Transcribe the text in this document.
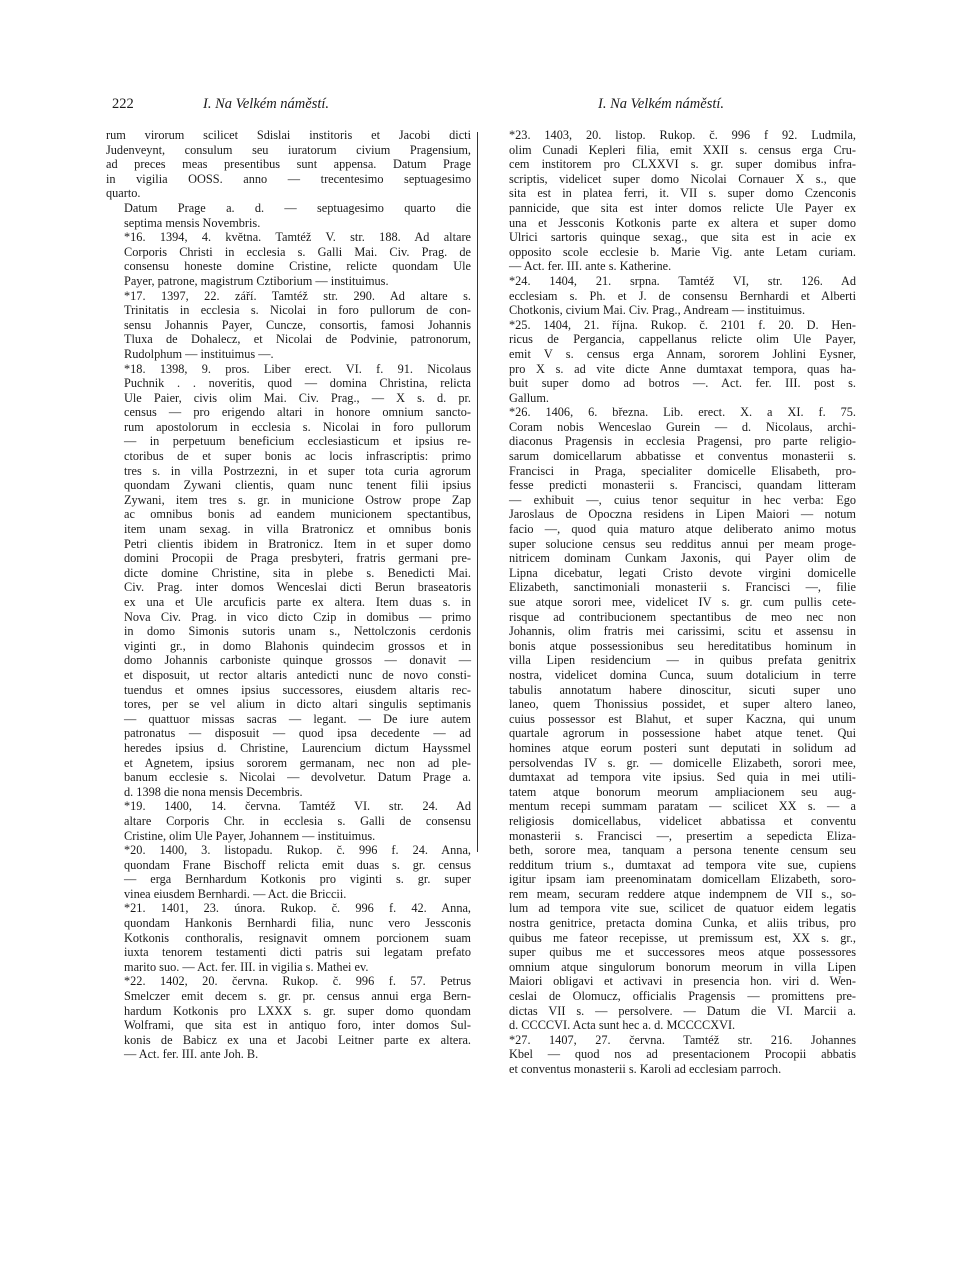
222	I. Na Velkém náměstí.	I. Na Velkém náměstí.

rum virorum scilicet Sdislai institoris et Jacobi dicti
Judenveynt, consulum seu iuratorum civium Pragensium,
ad preces meas presentibus sunt appensa. Datum Prage
in vigilia OOSS. anno — trecentesimo septuagesimo
quarto.

Datum Prage a. d. — septuagesimo quarto die
septima mensis Novembris.

*16. 1394, 4. května. Tamtéž V. str. 188. Ad altare
Corporis Christi in ecclesia s. Galli Mai. Civ. Prag. de
consensu honeste domine Cristine, relicte quondam Ule
Payer, patrone, magistrum Cztiborium — instituimus.

*17. 1397, 22. září. Tamtéž str. 290. Ad altare s.
Trinitatis in ecclesia s. Nicolai in foro pullorum de con-
sensu Johannis Payer, Cuncze, consortis, famosi Johannis
Tluxa de Dohalecz, et Nicolai de Podvinie, patronorum,
Rudolphum — instituimus —.

*18. 1398, 9. pros. Liber erect. VI. f. 91. Nicolaus
Puchnik . . noveritis, quod — domina Christina, relicta
Ule Paier, civis olim Mai. Civ. Prag., — X s. d. pr.
census — pro erigendo altari in honore omnium sancto-
rum apostolorum in ecclesia s. Nicolai in foro pullorum
— in perpetuum beneficium ecclesiasticum et ipsius re-
ctoribus de et super bonis ac locis infrascriptis: primo
tres s. in villa Postrzezni, in et super tota curia agrorum
quondam Zywani clientis, quam nunc tenent filii ipsius
Zywani, item tres s. gr. in municione Ostrow prope Zap
ac omnibus bonis ad eandem municionem spectantibus,
item unam sexag. in villa Bratronicz et omnibus bonis
Petri clientis ibidem in Bratronicz. Item in et super domo
domini Procopii de Praga presbyteri, fratris germani pre-
dicte domine Christine, sita in plebe s. Benedicti Mai.
Civ. Prag. inter domos Wenceslai dicti Berun braseatoris
ex una et Ule arcuficis parte ex altera. Item duas s. in
Nova Civ. Prag. in vico dicto Czip in domibus — primo
in domo Simonis sutoris unam s., Nettolczonis cerdonis
viginti gr., in domo Blahonis quindecim grossos et in
domo Johannis carboniste quinque grossos — donavit —
et disposuit, ut rector altaris antedicti nunc de novo consti-
tuendus et omnes ipsius successores, eiusdem altaris rec-
tores, per se vel alium in dicto altari singulis septimanis
— quattuor missas sacras — legant. — De iure autem
patronatus — disposuit — quod ipsa decedente — ad
heredes ipsius d. Christine, Laurencium dictum Hayssmel
et Agnetem, ipsius sororem germanam, nec non ad ple-
banum ecclesie s. Nicolai — devolvetur. Datum Prage a.
d. 1398 die nona mensis Decembris.

*19. 1400, 14. června. Tamtéž VI. str. 24. Ad
altare Corporis Chr. in ecclesia s. Galli de consensu
Cristine, olim Ule Payer, Johannem — instituimus.

*20. 1400, 3. listopadu. Rukop. č. 996 f. 24. Anna,
quondam Frane Bischoff relicta emit duas s. gr. census
— erga Bernhardum Kotkonis pro viginti s. gr. super
vinea eiusdem Bernhardi. — Act. die Briccii.

*21. 1401, 23. února. Rukop. č. 996 f. 42. Anna,
quondam Hankonis Bernhardi filia, nunc vero Jessconis
Kotkonis conthoralis, resignavit omnem porcionem suam
iuxta tenorem testamenti dicti patris sui legatam prefato
marito suo. — Act. fer. III. in vigilia s. Mathei ev.

*22. 1402, 20. června. Rukop. č. 996 f. 57. Petrus
Smelczer emit decem s. gr. pr. census annui erga Bern-
hardum Kotkonis pro LXXX s. gr. super domo quondam
Wolframi, que sita est in antiquo foro, inter domos Sul-
konis de Babicz ex una et Jacobi Leitner parte ex altera.
— Act. fer. III. ante Joh. B.

*23. 1403, 20. listop. Rukop. č. 996 f 92. Ludmila,
olim Cunadi Kepleri filia, emit XXII s. census erga Cru-
cem institorem pro CLXXVI s. gr. super domibus infra-
scriptis, videlicet super domo Nicolai Cornauer X s., que
sita est in platea ferri, it. VII s. super domo Czenconis
pannicide, que sita est inter domos relicte Ule Payer ex
una et Jessconis Kotkonis parte ex altera et super domo
Ulrici sartoris quinque sexag., que sita est in acie ex
opposito scole ecclesie b. Marie Vig. ante Letam curiam.
— Act. fer. III. ante s. Katherine.

*24. 1404, 21. srpna. Tamtéž VI, str. 126. Ad
ecclesiam s. Ph. et J. de consensu Bernhardi et Alberti
Chotkonis, civium Mai. Civ. Prag., Andream — instituimus.

*25. 1404, 21. října. Rukop. č. 2101 f. 20. D. Hen-
ricus de Pergancia, cappellanus relicte olim Ule Payer,
emit V s. census erga Annam, sororem Johlini Eysner,
pro X s. ad vite dicte Anne dumtaxat tempora, quas ha-
buit super domo ad botros —. Act. fer. III. post s.
Gallum.

*26. 1406, 6. března. Lib. erect. X. a XI. f. 75.
Coram nobis Wenceslao Gurein — d. Nicolaus, archi-
diaconus Pragensis in ecclesia Pragensi, pro parte religio-
sarum domicellarum abbatisse et conventus monasterii s.
Francisci in Praga, specialiter domicelle Elisabeth, pro-
fesse predicti monasterii s. Francisci, quandam litteram
— exhibuit —, cuius tenor sequitur in hec verba: Ego
Jaroslaus de Opoczna residens in Lipen Maiori — notum
facio —, quod quia maturo atque deliberato animo motus
super solucione census seu redditus annui per meam proge-
nitricem dominam Cunkam Jaxonis, qui Payer olim de
Lipna dicebatur, legati Cristo devote virgini domicelle
Elizabeth, sanctimoniali monasterii s. Francisci —, filie
sue atque sorori mee, videlicet IV s. gr. cum pullis cete-
risque ad contribucionem spectantibus de meo nec non
Johannis, olim fratris mei carissimi, scitu et assensu in
bonis atque possessionibus seu hereditatibus hominum in
villa Lipen residencium — in quibus prefata genitrix
nostra, videlicet domina Cunca, suum dotalicium in terre
tabulis annotatum habere dinoscitur, sicuti super uno
laneo, quem Thonissius possidet, et super altero laneo,
cuius possessor est Blahut, et super Kaczna, qui unum
quartale agrorum in possessione habet atque tenet. Qui
homines atque eorum posteri sunt deputati in solidum ad
persolvendas IV s. gr. — domicelle Elizabeth, sorori mee,
dumtaxat ad tempora vite ipsius. Sed quia in mei utili-
tatem atque bonorum meorum ampliacionem seu aug-
mentum recepi summam paratam — scilicet XX s. — a
religiosis domicellabus, videlicet abbatissa et conventu
monasterii s. Francisci —, presertim a sepedicta Eliza-
beth, sorore mea, tanquam a persona tenente censum seu
redditum trium s., dumtaxat ad tempora vite sue, cupiens
igitur ipsam iam preenominatam domicellam Elizabeth, soro-
rem meam, securam reddere atque indempnem de VII s., so-
lum ad tempora vite sue, scilicet de quatuor eidem legatis
nostra genitrice, pretacta domina Cunka, et aliis tribus, pro
quibus me fateor recepisse, ut premissum est, XX s. gr.,
super quibus me et successores meos atque possessores
omnium atque singulorum bonorum meorum in villa Lipen
Maiori obligavi et activavi in presencia hon. viri d. Wen-
ceslai de Olomucz, officialis Pragensis — promittens pre-
dictas VII s. — persolvere. — Datum die VI. Marcii a.
d. CCCCVI. Acta sunt hec a. d. MCCCCXVI.

*27. 1407, 27. června. Tamtéž str. 216. Johannes
Kbel — quod nos ad presentacionem Procopii abbatis
et conventus monasterii s. Karoli ad ecclesiam parroch.
